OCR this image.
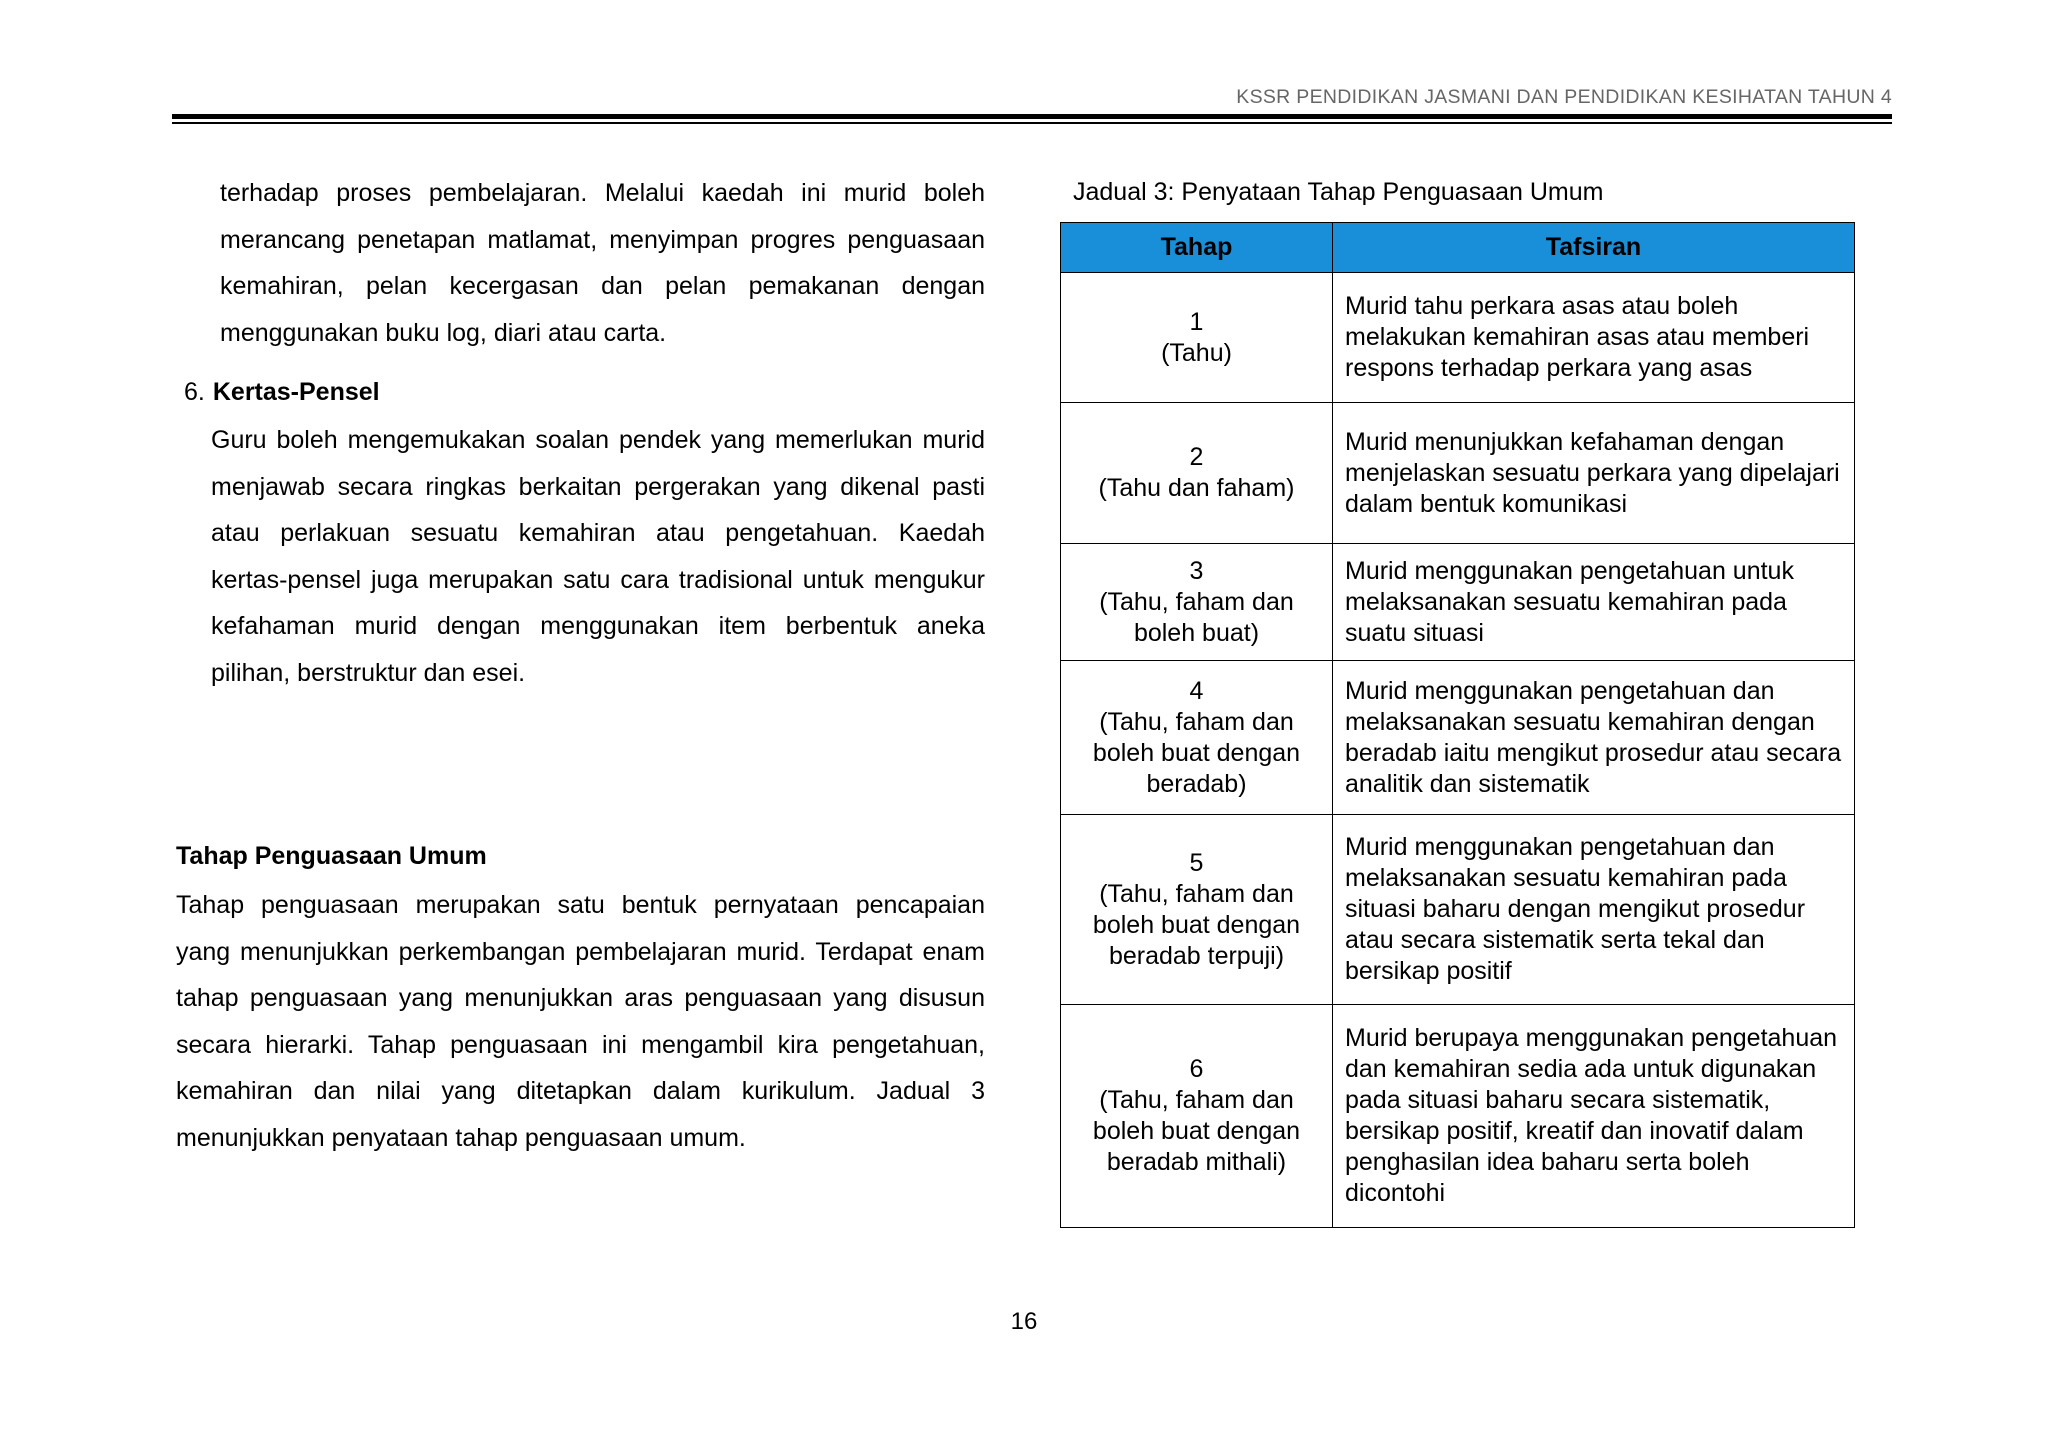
KSSR PENDIDIKAN JASMANI DAN PENDIDIKAN KESIHATAN TAHUN 4

terhadap proses pembelajaran. Melalui kaedah ini murid boleh merancang penetapan matlamat, menyimpan progres penguasaan kemahiran, pelan kecergasan dan pelan pemakanan dengan menggunakan buku log, diari atau carta.

6. Kertas-Pensel

Guru boleh mengemukakan soalan pendek yang memerlukan murid menjawab secara ringkas berkaitan pergerakan yang dikenal pasti atau perlakuan sesuatu kemahiran atau pengetahuan. Kaedah kertas-pensel juga merupakan satu cara tradisional untuk mengukur kefahaman murid dengan menggunakan item berbentuk aneka pilihan, berstruktur dan esei.

Tahap Penguasaan Umum

Tahap penguasaan merupakan satu bentuk pernyataan pencapaian yang menunjukkan perkembangan pembelajaran murid. Terdapat enam tahap penguasaan yang menunjukkan aras penguasaan yang disusun secara hierarki. Tahap penguasaan ini mengambil kira pengetahuan, kemahiran dan nilai yang ditetapkan dalam kurikulum. Jadual 3 menunjukkan penyataan tahap penguasaan umum.

Jadual 3: Penyataan Tahap Penguasaan Umum
Tahap	Tafsiran

1
(Tahu)	Murid tahu perkara asas atau boleh melakukan kemahiran asas atau memberi respons terhadap perkara yang asas

2
(Tahu dan faham)	Murid menunjukkan kefahaman dengan menjelaskan sesuatu perkara yang dipelajari dalam bentuk komunikasi

3
(Tahu, faham dan boleh buat)	Murid menggunakan pengetahuan untuk melaksanakan sesuatu kemahiran pada suatu situasi

4
(Tahu, faham dan boleh buat dengan beradab)	Murid menggunakan pengetahuan dan melaksanakan sesuatu kemahiran dengan beradab iaitu mengikut prosedur atau secara analitik dan sistematik

5
(Tahu, faham dan boleh buat dengan beradab terpuji)	Murid menggunakan pengetahuan dan melaksanakan sesuatu kemahiran pada situasi baharu dengan mengikut prosedur atau secara sistematik serta tekal dan bersikap positif

6
(Tahu, faham dan boleh buat dengan beradab mithali)	Murid berupaya menggunakan pengetahuan dan kemahiran sedia ada untuk digunakan pada situasi baharu secara sistematik, bersikap positif, kreatif dan inovatif dalam penghasilan idea baharu serta boleh dicontohi
16
